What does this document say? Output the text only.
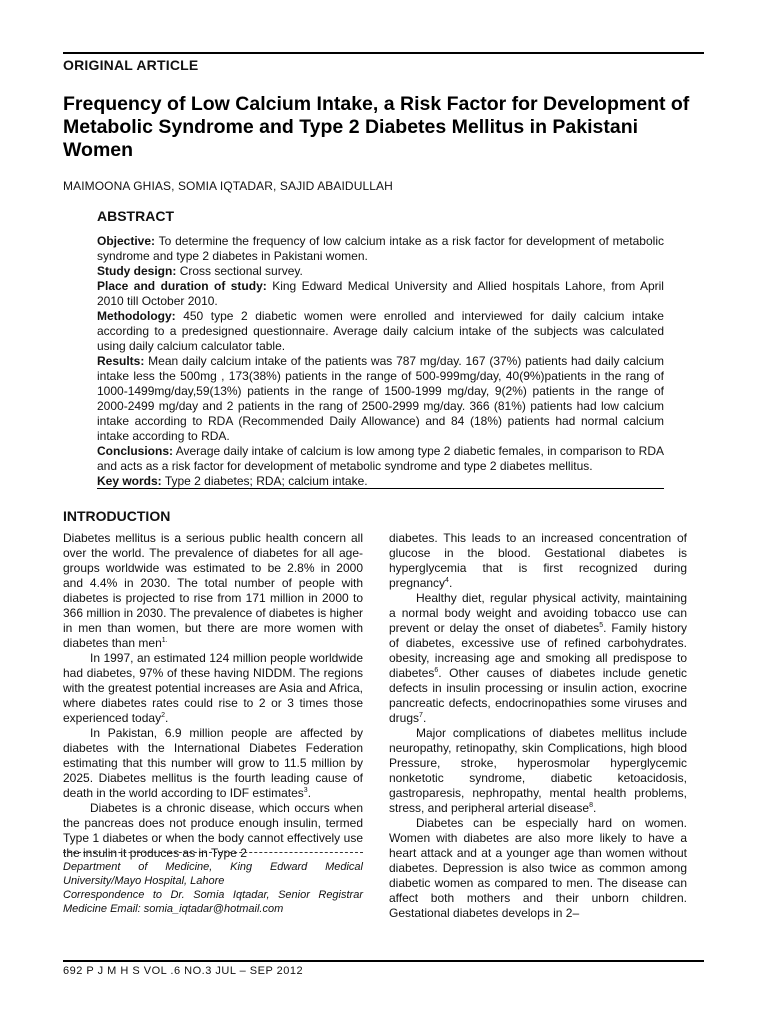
ORIGINAL ARTICLE
Frequency of Low Calcium Intake, a Risk Factor for Development of Metabolic Syndrome and Type 2 Diabetes Mellitus in Pakistani Women
MAIMOONA GHIAS, SOMIA IQTADAR, SAJID ABAIDULLAH
ABSTRACT

Objective: To determine the frequency of low calcium intake as a risk factor for development of metabolic syndrome and type 2 diabetes in Pakistani women.

Study design: Cross sectional survey.

Place and duration of study: King Edward Medical University and Allied hospitals Lahore, from April 2010 till October 2010.

Methodology: 450 type 2 diabetic women were enrolled and interviewed for daily calcium intake according to a predesigned questionnaire. Average daily calcium intake of the subjects was calculated using daily calcium calculator table.

Results: Mean daily calcium intake of the patients was 787 mg/day. 167 (37%) patients had daily calcium intake less the 500mg , 173(38%) patients in the range of 500-999mg/day, 40(9%)patients in the rang of 1000-1499mg/day,59(13%) patients in the range of 1500-1999 mg/day, 9(2%) patients in the range of 2000-2499 mg/day and 2 patients in the rang of 2500-2999 mg/day. 366 (81%) patients had low calcium intake according to RDA (Recommended Daily Allowance) and 84 (18%) patients had normal calcium intake according to RDA.

Conclusions: Average daily intake of calcium is low among type 2 diabetic females, in comparison to RDA and acts as a risk factor for development of metabolic syndrome and type 2 diabetes mellitus.

Key words: Type 2 diabetes; RDA; calcium intake.

INTRODUCTION

Diabetes mellitus is a serious public health concern all over the world. The prevalence of diabetes for all age-groups worldwide was estimated to be 2.8% in 2000 and 4.4% in 2030. The total number of people with diabetes is projected to rise from 171 million in 2000 to 366 million in 2030. The prevalence of diabetes is higher in men than women, but there are more women with diabetes than men$^{1.}$

In 1997, an estimated 124 million people worldwide had diabetes, 97% of these having NIDDM. The regions with the greatest potential increases are Asia and Africa, where diabetes rates could rise to 2 or 3 times those experienced today$^2$.

In Pakistan, 6.9 million people are affected by diabetes with the International Diabetes Federation estimating that this number will grow to 11.5 million by 2025. Diabetes mellitus is the fourth leading cause of death in the world according to IDF estimates$^3$.

Diabetes is a chronic disease, which occurs when the pancreas does not produce enough insulin, termed Type 1 diabetes or when the body cannot effectively use the insulin it produces as in Type 2

Department of Medicine, King Edward Medical University/Mayo Hospital, Lahore

Correspondence to Dr. Somia Iqtadar, Senior Registrar Medicine Email: somia_iqtadar@hotmail.com

diabetes. This leads to an increased concentration of glucose in the blood. Gestational diabetes is hyperglycemia that is first recognized during pregnancy$^4$.

Healthy diet, regular physical activity, maintaining a normal body weight and avoiding tobacco use can prevent or delay the onset of diabetes$^5$. Family history of diabetes, excessive use of refined carbohydrates. obesity, increasing age and smoking all predispose to diabetes$^6$. Other causes of diabetes include genetic defects in insulin processing or insulin action, exocrine pancreatic defects, endocrinopathies some viruses and drugs$^7$.

Major complications of diabetes mellitus include neuropathy, retinopathy, skin Complications, high blood Pressure, stroke, hyperosmolar hyperglycemic nonketotic syndrome, diabetic ketoacidosis, gastroparesis, nephropathy, mental health problems, stress, and peripheral arterial disease$^8$.

Diabetes can be especially hard on women. Women with diabetes are also more likely to have a heart attack and at a younger age than women without diabetes. Depression is also twice as common among diabetic women as compared to men. The disease can affect both mothers and their unborn children. Gestational diabetes develops in 2–

692 P J M H S VOL .6 NO.3 JUL – SEP 2012
